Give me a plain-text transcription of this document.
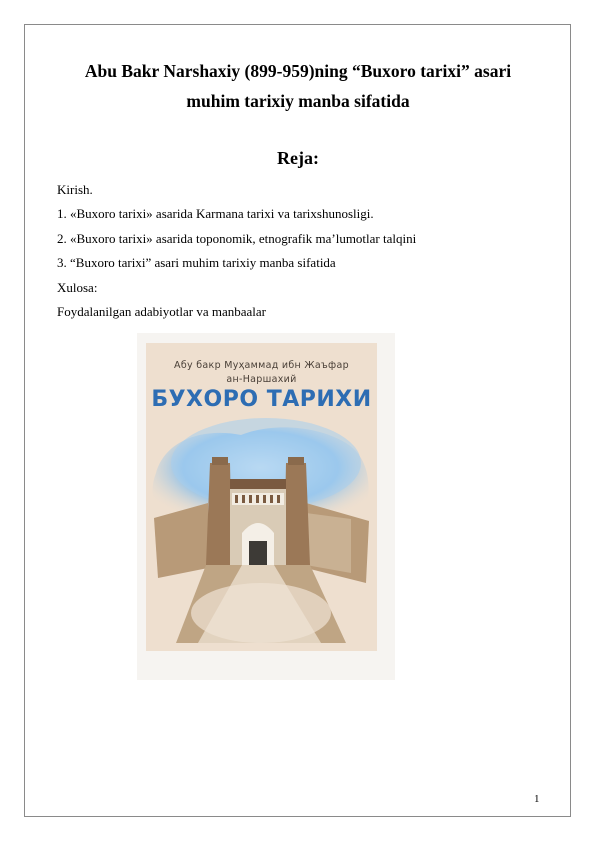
Abu Bakr Narshaxiy (899-959)ning “Buxoro tarixi” asari
muhim tarixiy manba sifatida
Reja:
Kirish.
1. «Buxoro tarixi» asarida Karmana tarixi va tarixshunosligi.
2. «Buxoro tarixi» asarida toponomik, etnografik ma’lumotlar talqini
3. “Buxoro tarixi” asari muhim tarixiy manba sifatida
Xulosa:
Foydalanilgan adabiyotlar va manbaalar
Абу бакр Муҳаммад ибн Жаъфар
ан-Наршахий
БУХОРО ТАРИХИ
1
